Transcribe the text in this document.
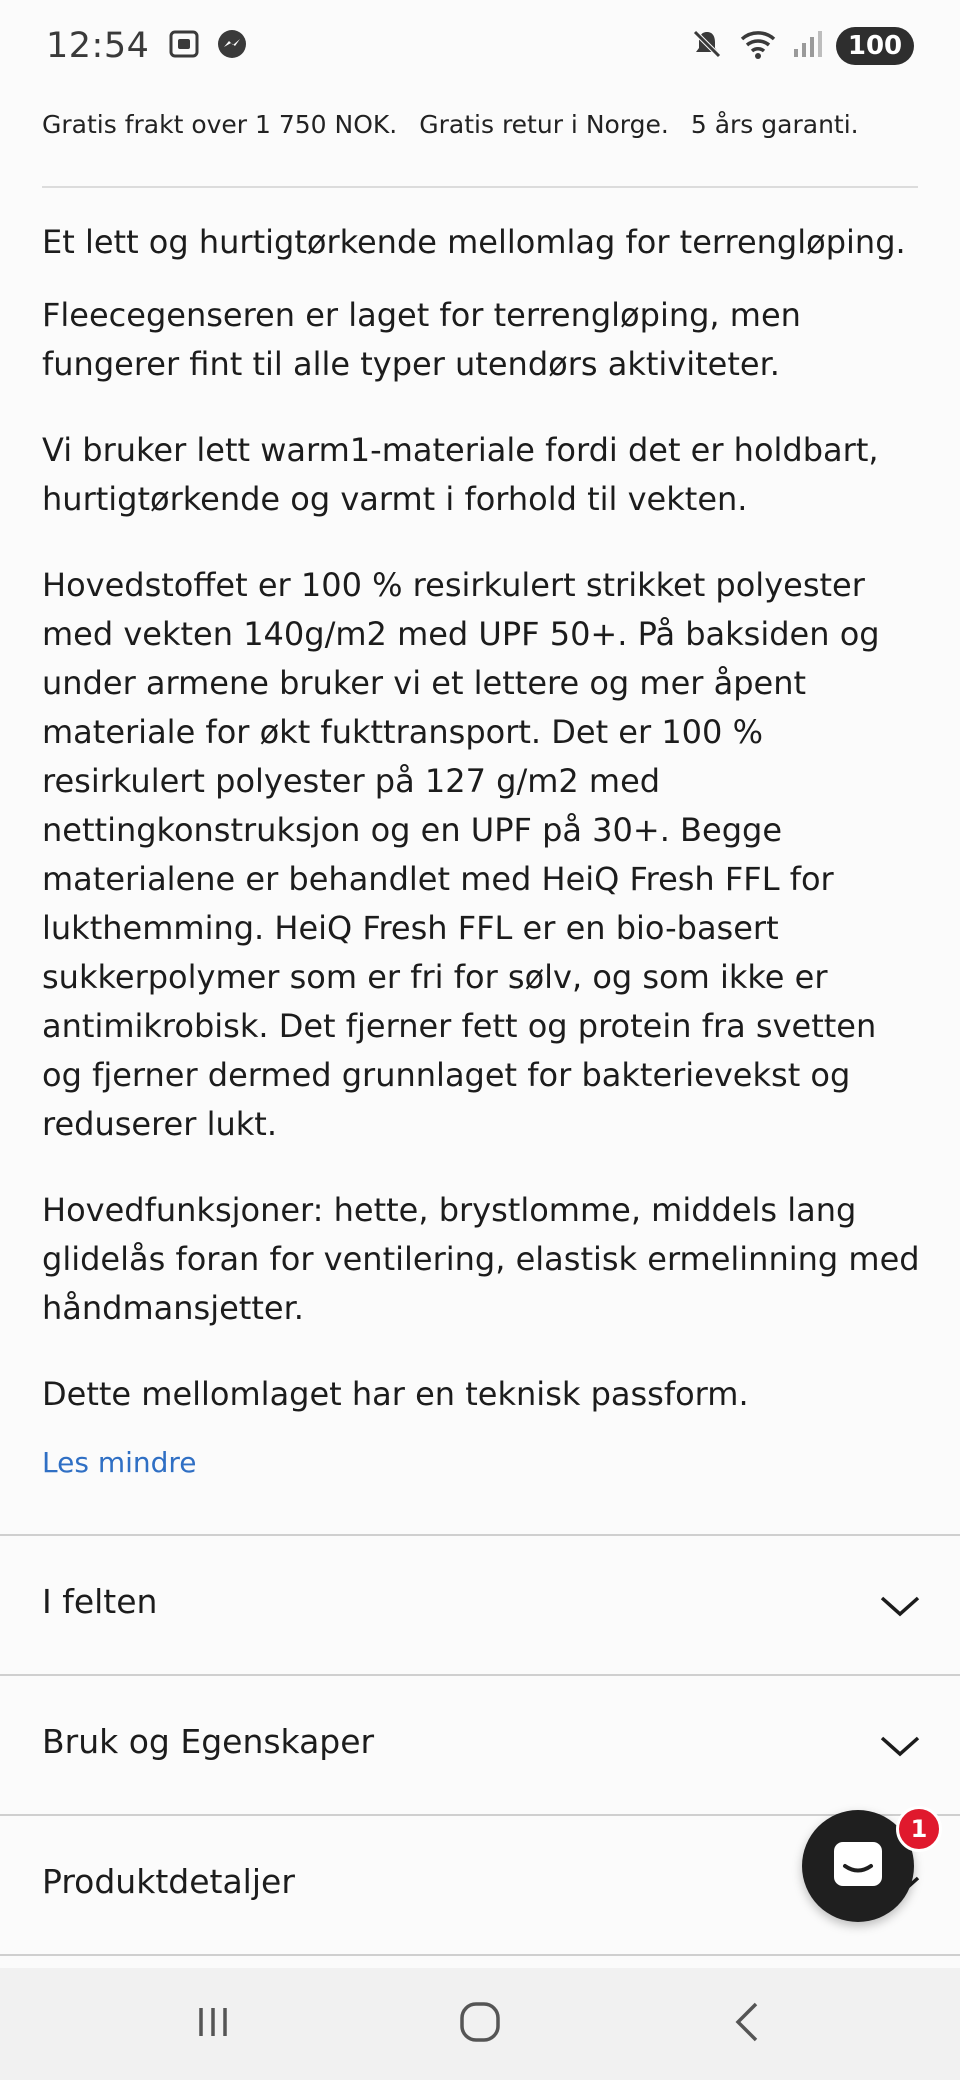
12:54	100
Gratis frakt over 1 750 NOK. Gratis retur i Norge. 5 års garanti.

Et lett og hurtigtørkende mellomlag for terrengløping.

Fleecegenseren er laget for terrengløping, men fungerer fint til alle typer utendørs aktiviteter.

Vi bruker lett warm1-materiale fordi det er holdbart, hurtigtørkende og varmt i forhold til vekten.

Hovedstoffet er 100 % resirkulert strikket polyester med vekten 140g/m2 med UPF 50+. På baksiden og under armene bruker vi et lettere og mer åpent materiale for økt fukttransport. Det er 100 % resirkulert polyester på 127 g/m2 med nettingkonstruksjon og en UPF på 30+. Begge materialene er behandlet med HeiQ Fresh FFL for lukthemming. HeiQ Fresh FFL er en bio-basert sukkerpolymer som er fri for sølv, og som ikke er antimikrobisk. Det fjerner fett og protein fra svetten og fjerner dermed grunnlaget for bakterievekst og reduserer lukt.

Hovedfunksjoner: hette, brystlomme, middels lang glidelås foran for ventilering, elastisk ermelinning med håndmansjetter.

Dette mellomlaget har en teknisk passform.

Les mindre
I felten
Bruk og Egenskaper
Produktdetaljer
1
